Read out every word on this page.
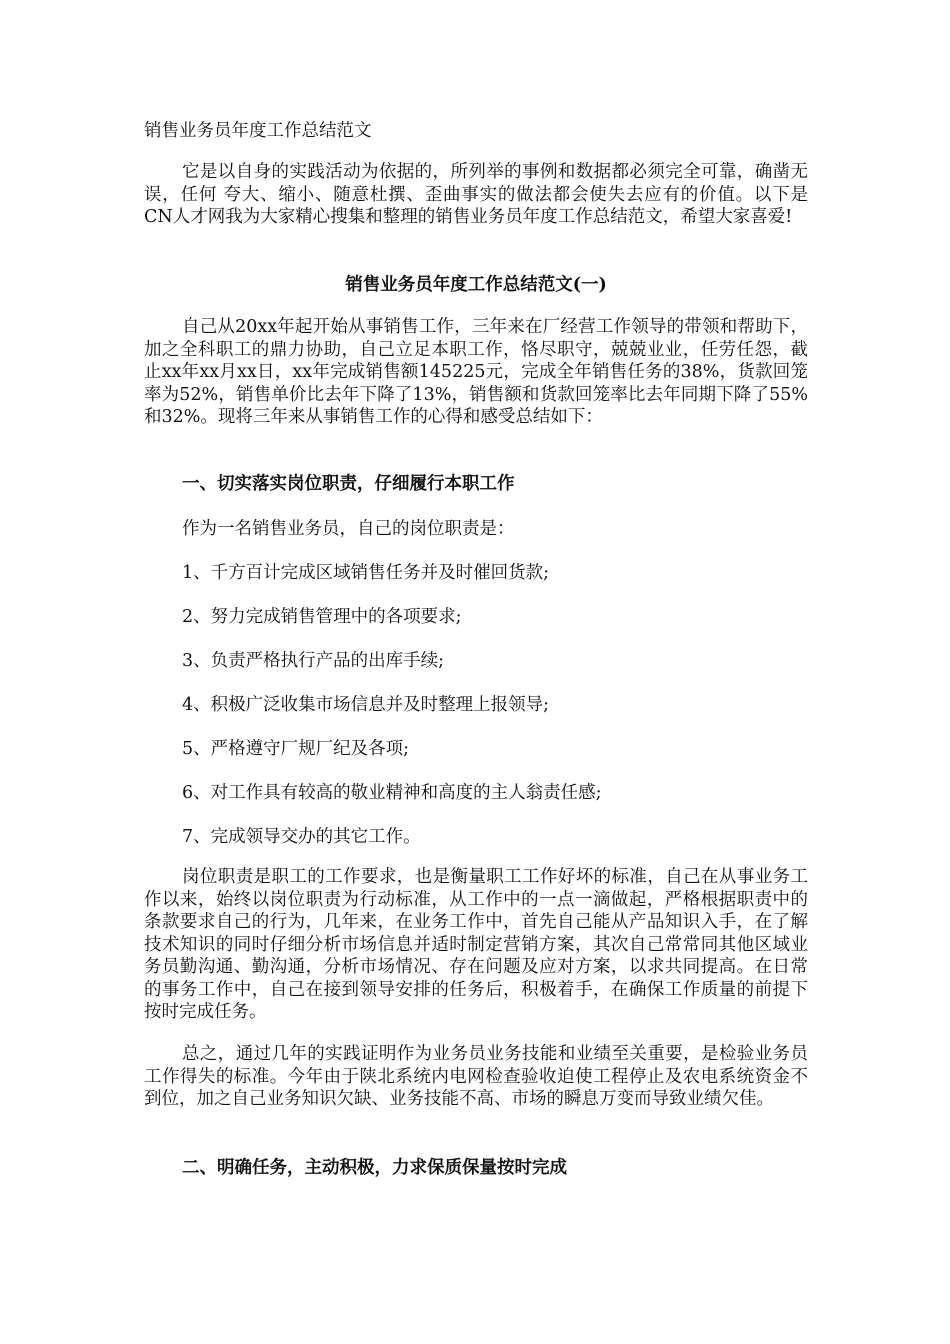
销售业务员年度工作总结范文
它是以自身的实践活动为依据的，所列举的事例和数据都必须完全可靠，确凿无误，任何 夸大、缩小、随意杜撰、歪曲事实的做法都会使失去应有的价值。以下是CN人才网我为大家精心搜集和整理的销售业务员年度工作总结范文，希望大家喜爱!
销售业务员年度工作总结范文(一)
自己从20xx年起开始从事销售工作，三年来在厂经营工作领导的带领和帮助下，加之全科职工的鼎力协助，自己立足本职工作，恪尽职守，兢兢业业，任劳任怨，截止xx年xx月xx日，xx年完成销售额145225元，完成全年销售任务的38%，货款回笼率为52%，销售单价比去年下降了13%，销售额和货款回笼率比去年同期下降了55%和32%。现将三年来从事销售工作的心得和感受总结如下：
一、切实落实岗位职责，仔细履行本职工作
作为一名销售业务员，自己的岗位职责是：
1、千方百计完成区域销售任务并及时催回货款;
2、努力完成销售管理中的各项要求;
3、负责严格执行产品的出库手续;
4、积极广泛收集市场信息并及时整理上报领导;
5、严格遵守厂规厂纪及各项;
6、对工作具有较高的敬业精神和高度的主人翁责任感;
7、完成领导交办的其它工作。
岗位职责是职工的工作要求，也是衡量职工工作好坏的标准，自己在从事业务工作以来，始终以岗位职责为行动标准，从工作中的一点一滴做起，严格根据职责中的条款要求自己的行为，几年来，在业务工作中，首先自己能从产品知识入手，在了解技术知识的同时仔细分析市场信息并适时制定营销方案，其次自己常常同其他区域业务员勤沟通、勤沟通，分析市场情况、存在问题及应对方案，以求共同提高。在日常的事务工作中，自己在接到领导安排的任务后，积极着手，在确保工作质量的前提下按时完成任务。
总之，通过几年的实践证明作为业务员业务技能和业绩至关重要，是检验业务员工作得失的标准。今年由于陕北系统内电网检查验收迫使工程停止及农电系统资金不到位，加之自己业务知识欠缺、业务技能不高、市场的瞬息万变而导致业绩欠佳。
二、明确任务，主动积极，力求保质保量按时完成
